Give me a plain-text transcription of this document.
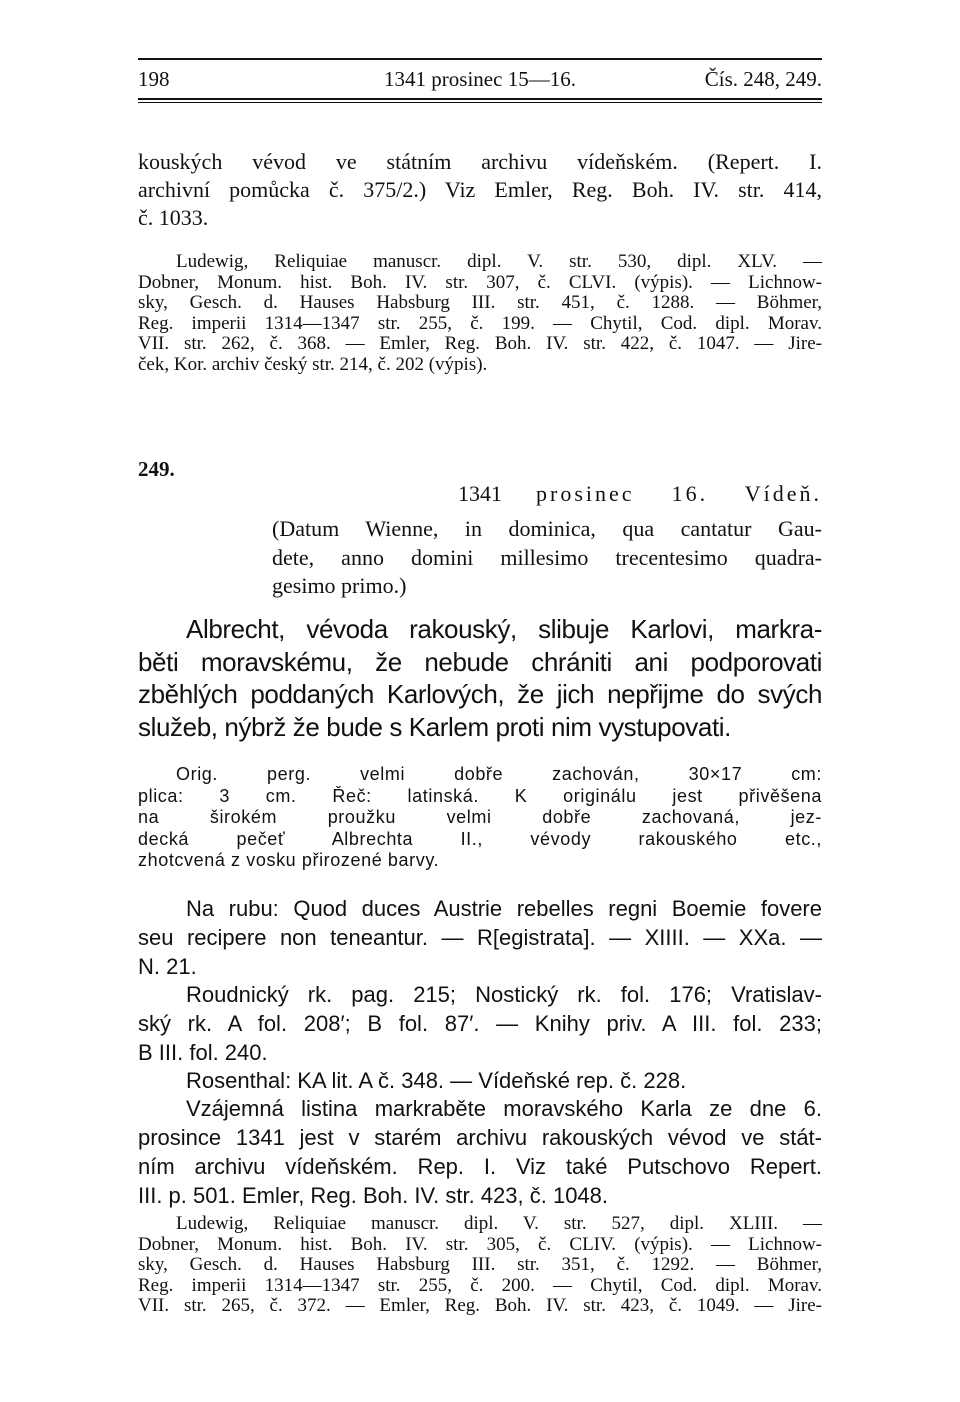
1341 prosinec 15—16.
198	Čís. 248, 249.
kouských vévod ve státním archivu vídeňském. (Repert. I.
archivní pomůcka č. 375/2.) Viz Emler, Reg. Boh. IV. str. 414,
č. 1033.
Ludewig, Reliquiae manuscr. dipl. V. str. 530, dipl. XLV. —
Dobner, Monum. hist. Boh. IV. str. 307, č. CLVI. (výpis). — Lichnow-
sky, Gesch. d. Hauses Habsburg III. str. 451, č. 1288. — Böhmer,
Reg. imperii 1314—1347 str. 255, č. 199. — Chytil, Cod. dipl. Morav.
VII. str. 262, č. 368. — Emler, Reg. Boh. IV. str. 422, č. 1047. — Jire-
ček, Kor. archiv český str. 214, č. 202 (výpis).

249.

1341 prosinec 16. Vídeň.

(Datum Wienne, in dominica, qua cantatur Gau-
dete, anno domini millesimo trecentesimo quadra-
gesimo primo.)
Albrecht, vévoda rakouský, slibuje Karlovi, markra-
běti moravskému, že nebude chrániti ani podporovati
zběhlých poddaných Karlových, že jich nepřijme do svých
služeb, nýbrž že bude s Karlem proti nim vystupovati.
Orig. perg. velmi dobře zachován, 30×17 cm:
plica: 3 cm. Řeč: latinská. K originálu jest přivěšena
na širokém proužku velmi dobře zachovaná, jez-
decká pečeť Albrechta II., vévody rakouského etc.,
zhotcvená z vosku přirozené barvy.
Na rubu: Quod duces Austrie rebelles regni Boemie fovere
seu recipere non teneantur. — R[egistrata]. — XIIII. — XXa. —
N. 21.
Roudnický rk. pag. 215; Nostický rk. fol. 176; Vratislav-
ský rk. A fol. 208′; B fol. 87′. — Knihy priv. A III. fol. 233;
B III. fol. 240.
Rosenthal: KA lit. A č. 348. — Vídeňské rep. č. 228.
Vzájemná listina markraběte moravského Karla ze dne 6.
prosince 1341 jest v starém archivu rakouských vévod ve stát-
ním archivu vídeňském. Rep. I. Viz také Putschovo Repert.
III. p. 501. Emler, Reg. Boh. IV. str. 423, č. 1048.
Ludewig, Reliquiae manuscr. dipl. V. str. 527, dipl. XLIII. —
Dobner, Monum. hist. Boh. IV. str. 305, č. CLIV. (výpis). — Lichnow-
sky, Gesch. d. Hauses Habsburg III. str. 351, č. 1292. — Böhmer,
Reg. imperii 1314—1347 str. 255, č. 200. — Chytil, Cod. dipl. Morav.
VII. str. 265, č. 372. — Emler, Reg. Boh. IV. str. 423, č. 1049. — Jire-
